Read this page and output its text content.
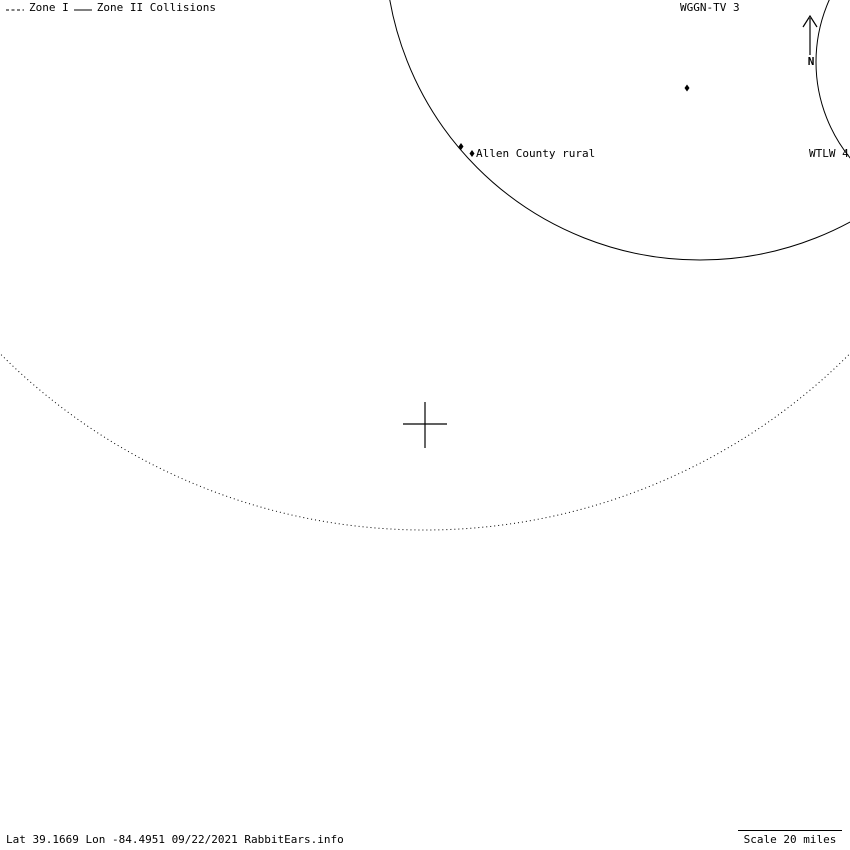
Zone I	Zone II Collisions	WGGN-TV 3
Allen County rural	WTLW 4
N
Lat 39.1669 Lon -84.4951 09/22/2021 RabbitEars.info	Scale 20 miles
